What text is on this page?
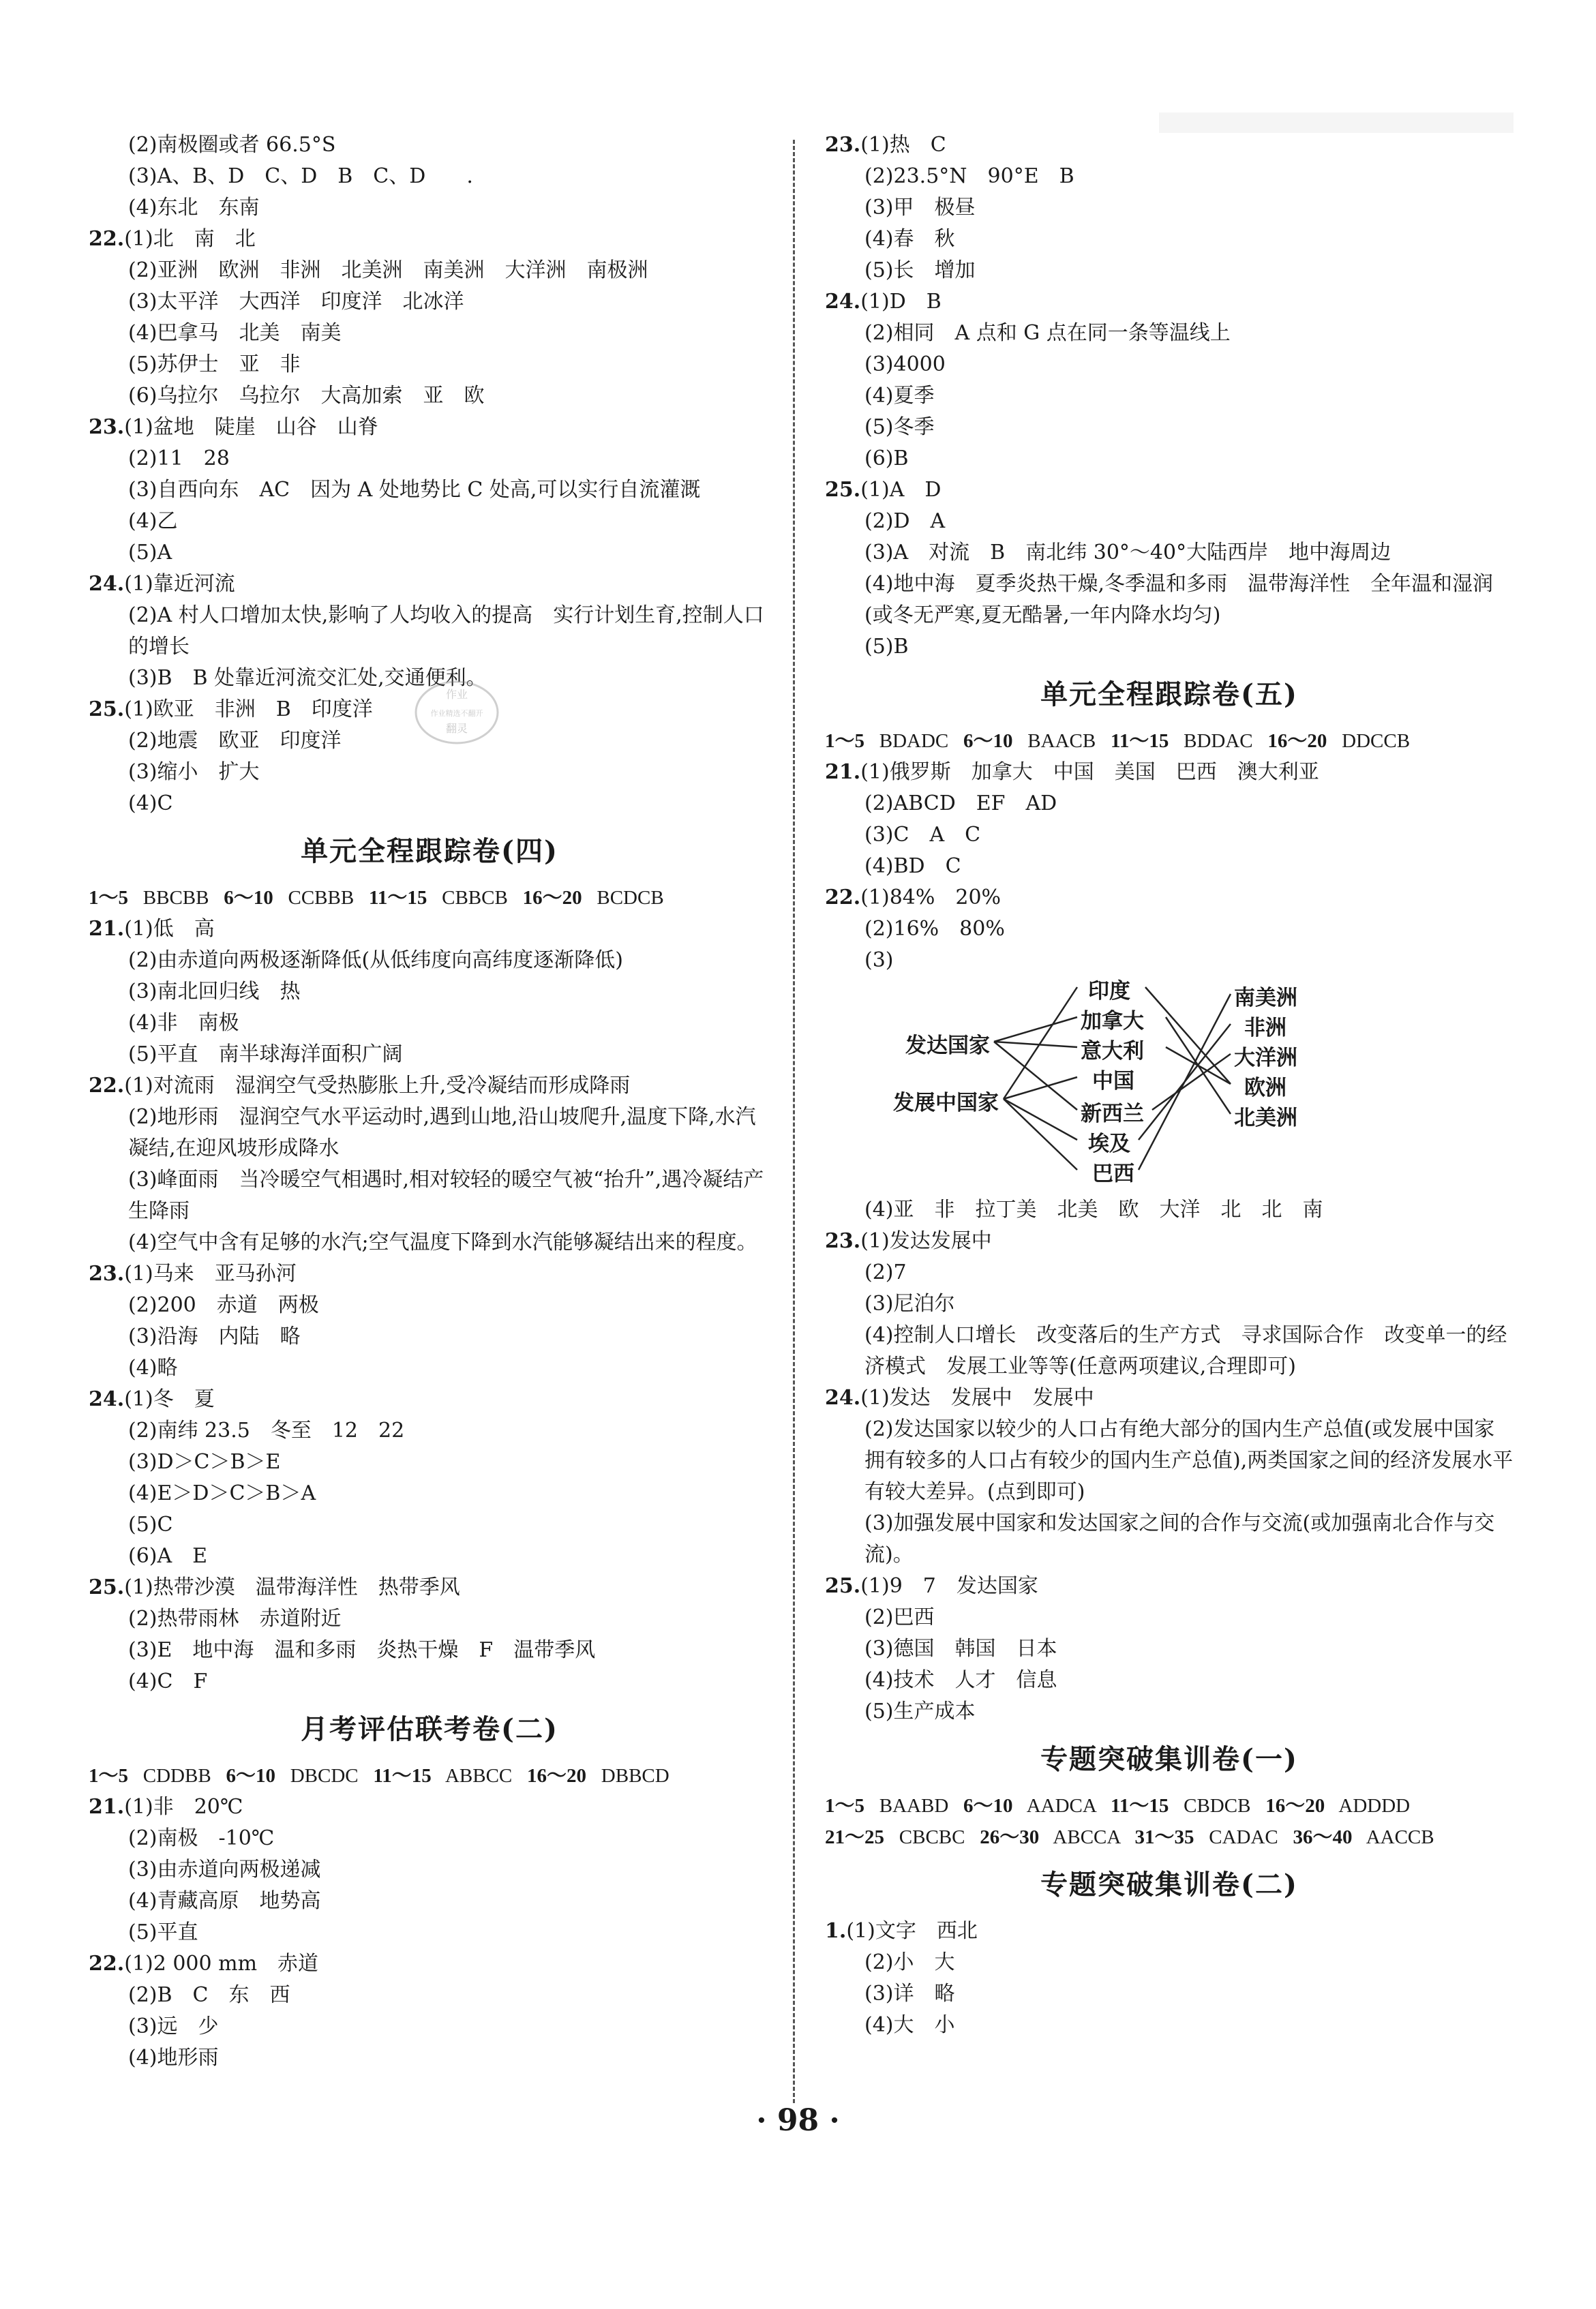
(2)南极圈或者 66.5°S
(3)A、B、D　C、D　B　C、D　　.
(4)东北　东南
22.(1)北　南　北
(2)亚洲　欧洲　非洲　北美洲　南美洲　大洋洲　南极洲
(3)太平洋　大西洋　印度洋　北冰洋
(4)巴拿马　北美　南美
(5)苏伊士　亚　非
(6)乌拉尔　乌拉尔　大高加索　亚　欧
23.(1)盆地　陡崖　山谷　山脊
(2)11　28
(3)自西向东　AC　因为 A 处地势比 C 处高,可以实行自流灌溉
(4)乙
(5)A
24.(1)靠近河流
(2)A 村人口增加太快,影响了人均收入的提高　实行计划生育,控制人口的增长
(3)B　B 处靠近河流交汇处,交通便利。
25.(1)欧亚　非洲　B　印度洋
(2)地震　欧亚　印度洋
(3)缩小　扩大
(4)C
单元全程跟踪卷(四)
1～5 BBCBB 6～10 CCBBB 11～15 CBBCB 16～20 BCDCB
21.(1)低　高
(2)由赤道向两极逐渐降低(从低纬度向高纬度逐渐降低)
(3)南北回归线　热
(4)非　南极
(5)平直　南半球海洋面积广阔
22.(1)对流雨　湿润空气受热膨胀上升,受冷凝结而形成降雨
(2)地形雨　湿润空气水平运动时,遇到山地,沿山坡爬升,温度下降,水汽凝结,在迎风坡形成降水
(3)峰面雨　当冷暖空气相遇时,相对较轻的暖空气被“抬升”,遇冷凝结产生降雨
(4)空气中含有足够的水汽;空气温度下降到水汽能够凝结出来的程度。
23.(1)马来　亚马孙河
(2)200　赤道　两极
(3)沿海　内陆　略
(4)略
24.(1)冬　夏
(2)南纬 23.5　冬至　12　22
(3)D＞C＞B＞E
(4)E＞D＞C＞B＞A
(5)C
(6)A　E
25.(1)热带沙漠　温带海洋性　热带季风
(2)热带雨林　赤道附近
(3)E　地中海　温和多雨　炎热干燥　F　温带季风
(4)C　F
月考评估联考卷(二)
1～5 CDDBB 6～10 DBCDC 11～15 ABBCC 16～20 DBBCD
21.(1)非　20℃
(2)南极　-10℃
(3)由赤道向两极递减
(4)青藏高原　地势高
(5)平直
22.(1)2 000 mm　赤道
(2)B　C　东　西
(3)远　少
(4)地形雨
23.(1)热　C
(2)23.5°N　90°E　B
(3)甲　极昼
(4)春　秋
(5)长　增加
24.(1)D　B
(2)相同　A 点和 G 点在同一条等温线上
(3)4000
(4)夏季
(5)冬季
(6)B
25.(1)A　D
(2)D　A
(3)A　对流　B　南北纬 30°～40°大陆西岸　地中海周边
(4)地中海　夏季炎热干燥,冬季温和多雨　温带海洋性　全年温和湿润(或冬无严寒,夏无酷暑,一年内降水均匀)
(5)B
单元全程跟踪卷(五)
1～5 BDADC 6～10 BAACB 11～15 BDDAC 16～20 DDCCB
21.(1)俄罗斯　加拿大　中国　美国　巴西　澳大利亚
(2)ABCD　EF　AD
(3)C　A　C
(4)BD　C
22.(1)84%　20%
(2)16%　80%
(3)
发达国家
发展中国家
印度
加拿大
意大利
中国
新西兰
埃及
巴西
南美洲
非洲
大洋洲
欧洲
北美洲
(4)亚　非　拉丁美　北美　欧　大洋　北　北　南
23.(1)发达发展中
(2)7
(3)尼泊尔
(4)控制人口增长　改变落后的生产方式　寻求国际合作　改变单一的经济模式　发展工业等等(任意两项建议,合理即可)
24.(1)发达　发展中　发展中
(2)发达国家以较少的人口占有绝大部分的国内生产总值(或发展中国家拥有较多的人口占有较少的国内生产总值),两类国家之间的经济发展水平有较大差异。(点到即可)
(3)加强发展中国家和发达国家之间的合作与交流(或加强南北合作与交流)。
25.(1)9　7　发达国家
(2)巴西
(3)德国　韩国　日本
(4)技术　人才　信息
(5)生产成本
专题突破集训卷(一)
1～5 BAABD 6～10 AADCA 11～15 CBDCB 16～20 ADDDD
21～25 CBCBC 26～30 ABCCA 31～35 CADAC 36～40 AACCB
专题突破集训卷(二)
1.(1)文字　西北
(2)小　大
(3)详　略
(4)大　小
作业
作业精选不翻开
翻灵
· 98 ·
